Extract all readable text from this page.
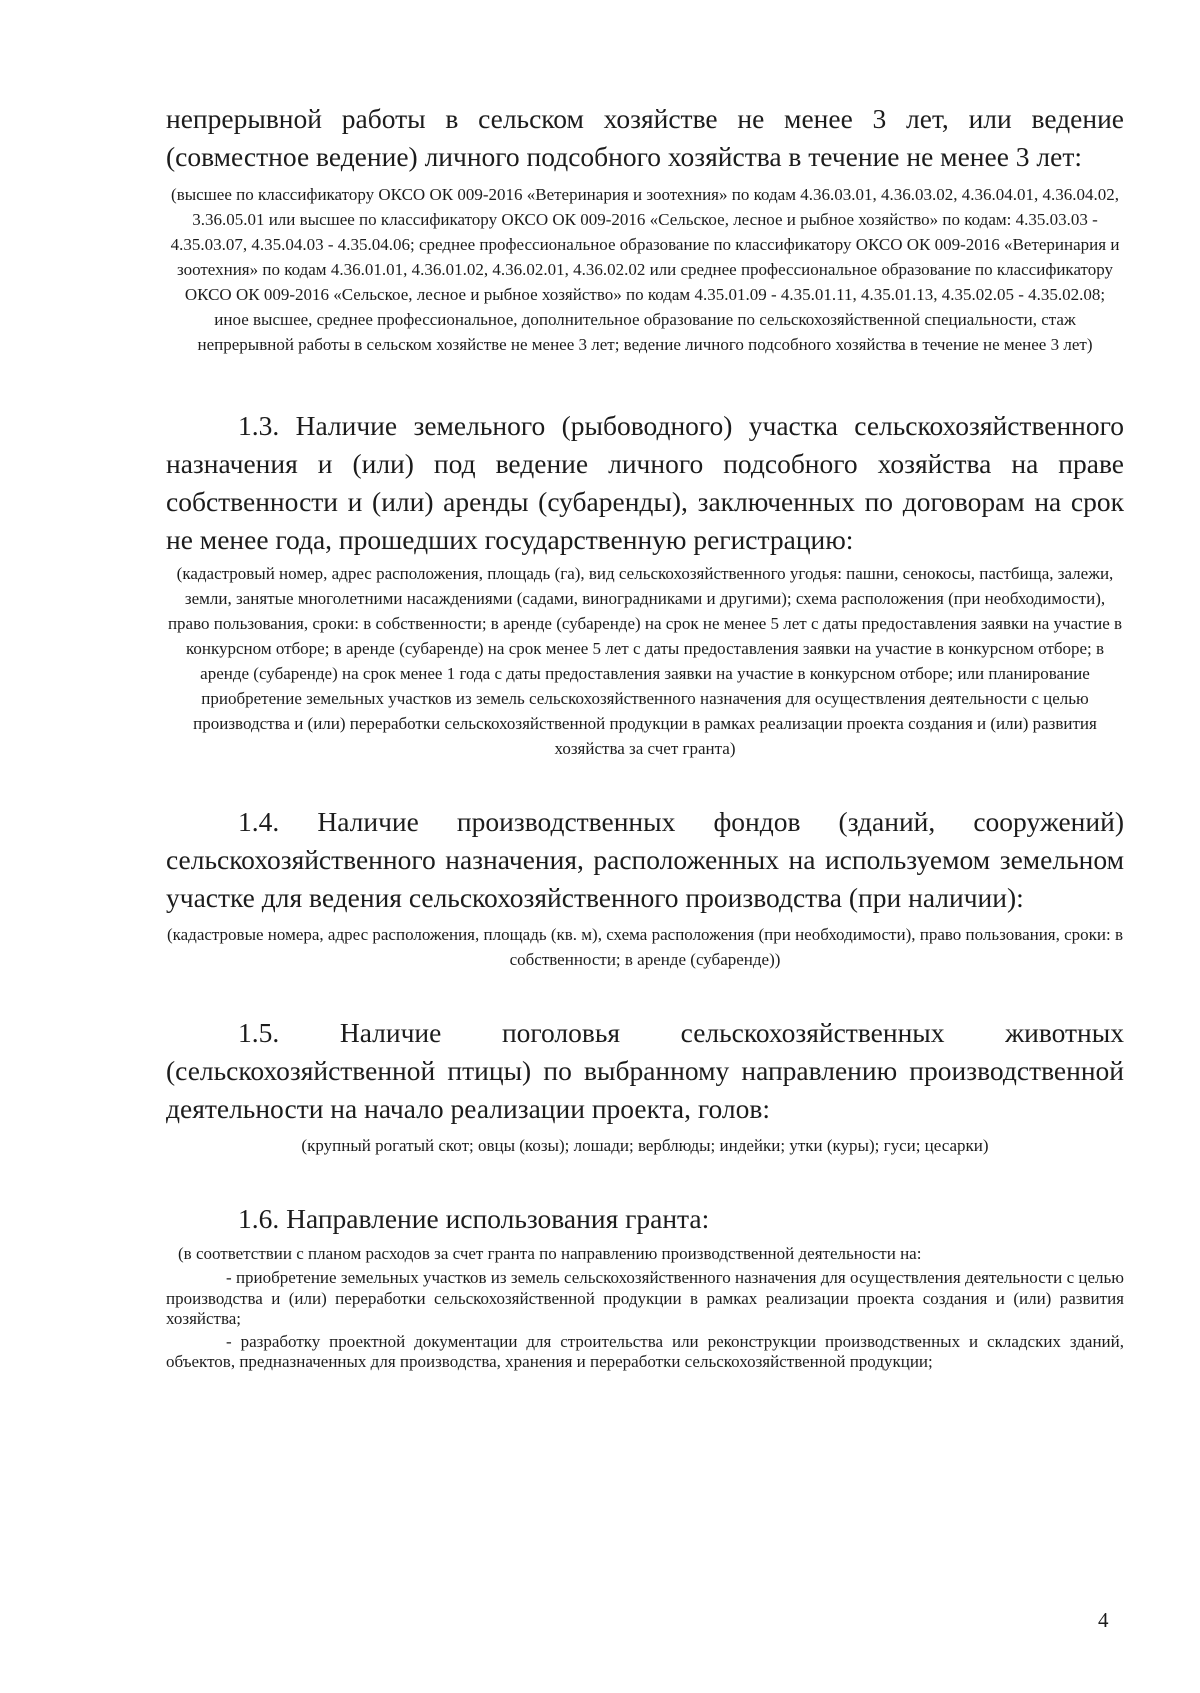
непрерывной работы в сельском хозяйстве не менее 3 лет, или ведение (совместное ведение) личного подсобного хозяйства в течение не менее 3 лет:

(высшее по классификатору ОКСО ОК 009-2016 «Ветеринария и зоотехния» по кодам 4.36.03.01, 4.36.03.02, 4.36.04.01, 4.36.04.02, 3.36.05.01 или высшее по классификатору ОКСО ОК 009-2016 «Сельское, лесное и рыбное хозяйство» по кодам: 4.35.03.03 - 4.35.03.07, 4.35.04.03 - 4.35.04.06; среднее профессиональное образование по классификатору ОКСО ОК 009-2016 «Ветеринария и зоотехния» по кодам 4.36.01.01, 4.36.01.02, 4.36.02.01, 4.36.02.02 или среднее профессиональное образование по классификатору ОКСО ОК 009-2016 «Сельское, лесное и рыбное хозяйство» по кодам 4.35.01.09 - 4.35.01.11, 4.35.01.13, 4.35.02.05 - 4.35.02.08; иное высшее, среднее профессиональное, дополнительное образование по сельскохозяйственной специальности, стаж непрерывной работы в сельском хозяйстве не менее 3 лет; ведение личного подсобного хозяйства в течение не менее 3 лет)

1.3. Наличие земельного (рыбоводного) участка сельскохозяйственного назначения и (или) под ведение личного подсобного хозяйства на праве собственности и (или) аренды (субаренды), заключенных по договорам на срок не менее года, прошедших государственную регистрацию:

(кадастровый номер, адрес расположения, площадь (га), вид сельскохозяйственного угодья: пашни, сенокосы, пастбища, залежи, земли, занятые многолетними насаждениями (садами, виноградниками и другими); схема расположения (при необходимости), право пользования, сроки: в собственности; в аренде (субаренде) на срок не менее 5 лет с даты предоставления заявки на участие в конкурсном отборе; в аренде (субаренде) на срок менее 5 лет с даты предоставления заявки на участие в конкурсном отборе; в аренде (субаренде) на срок менее 1 года с даты предоставления заявки на участие в конкурсном отборе; или планирование приобретение земельных участков из земель сельскохозяйственного назначения для осуществления деятельности с целью производства и (или) переработки сельскохозяйственной продукции в рамках реализации проекта создания и (или) развития хозяйства за счет гранта)

1.4. Наличие производственных фондов (зданий, сооружений) сельскохозяйственного назначения, расположенных на используемом земельном участке для ведения сельскохозяйственного производства (при наличии):

(кадастровые номера, адрес расположения, площадь (кв. м), схема расположения (при необходимости), право пользования, сроки: в собственности; в аренде (субаренде))

1.5. Наличие поголовья сельскохозяйственных животных (сельскохозяйственной птицы) по выбранному направлению производственной деятельности на начало реализации проекта, голов:

(крупный рогатый скот; овцы (козы); лошади; верблюды; индейки; утки (куры); гуси; цесарки)

1.6. Направление использования гранта:

(в соответствии с планом расходов за счет гранта по направлению производственной деятельности на:

- приобретение земельных участков из земель сельскохозяйственного назначения для осуществления деятельности с целью производства и (или) переработки сельскохозяйственной продукции в рамках реализации проекта создания и (или) развития хозяйства;

- разработку проектной документации для строительства или реконструкции производственных и складских зданий, объектов, предназначенных для производства, хранения и переработки сельскохозяйственной продукции;

4
